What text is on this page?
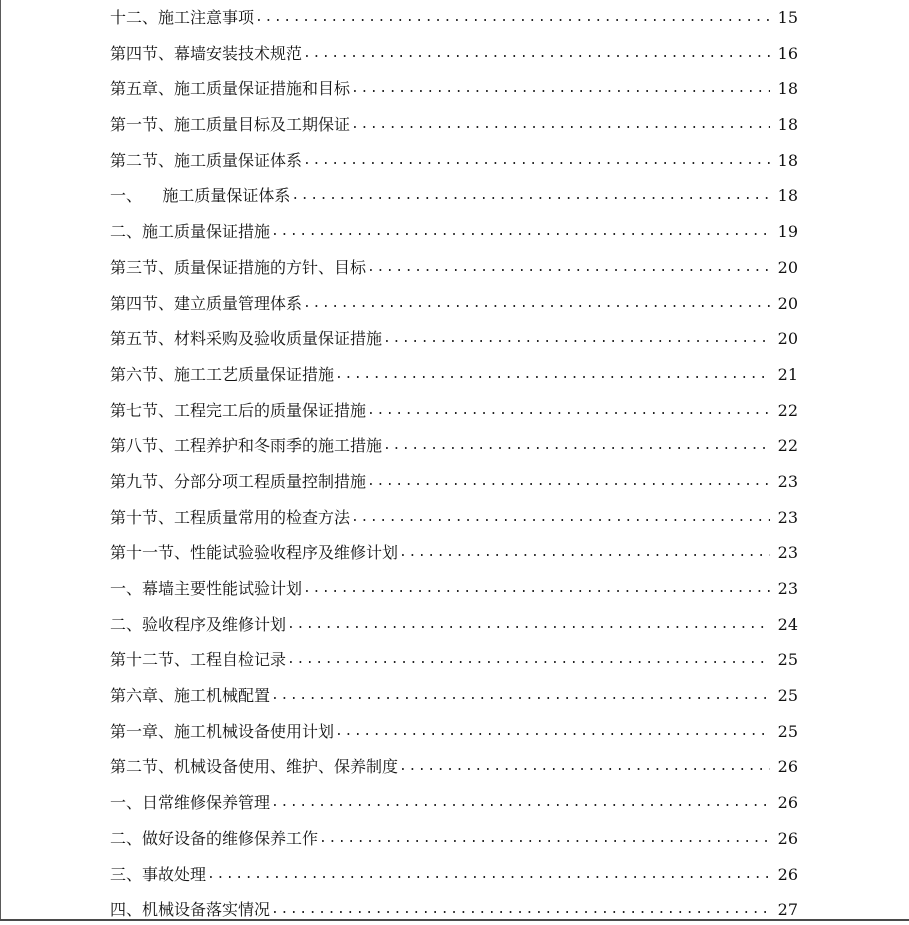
十二、施工注意事项 .....	15
第四节、幕墙安装技术规范 .....	16
第五章、施工质量保证措施和目标 .....	18
第一节、施工质量目标及工期保证 .....	18
第二节、施工质量保证体系 .....	18
一、    施工质量保证体系 .....	18
二、施工质量保证措施 .....	19
第三节、质量保证措施的方针、目标 .....	20
第四节、建立质量管理体系 .....	20
第五节、材料采购及验收质量保证措施 .....	20
第六节、施工工艺质量保证措施 .....	21
第七节、工程完工后的质量保证措施 .....	22
第八节、工程养护和冬雨季的施工措施 .....	22
第九节、分部分项工程质量控制措施 .....	23
第十节、工程质量常用的检查方法 .....	23
第十一节、性能试验验收程序及维修计划 .....	23
一、幕墙主要性能试验计划 .....	23
二、验收程序及维修计划 .....	24
第十二节、工程自检记录 .....	25
第六章、施工机械配置 .....	25
第一章、施工机械设备使用计划 .....	25
第二节、机械设备使用、维护、保养制度 .....	26
一、日常维修保养管理 .....	26
二、做好设备的维修保养工作 .....	26
三、事故处理 .....	26
四、机械设备落实情况 .....	27
